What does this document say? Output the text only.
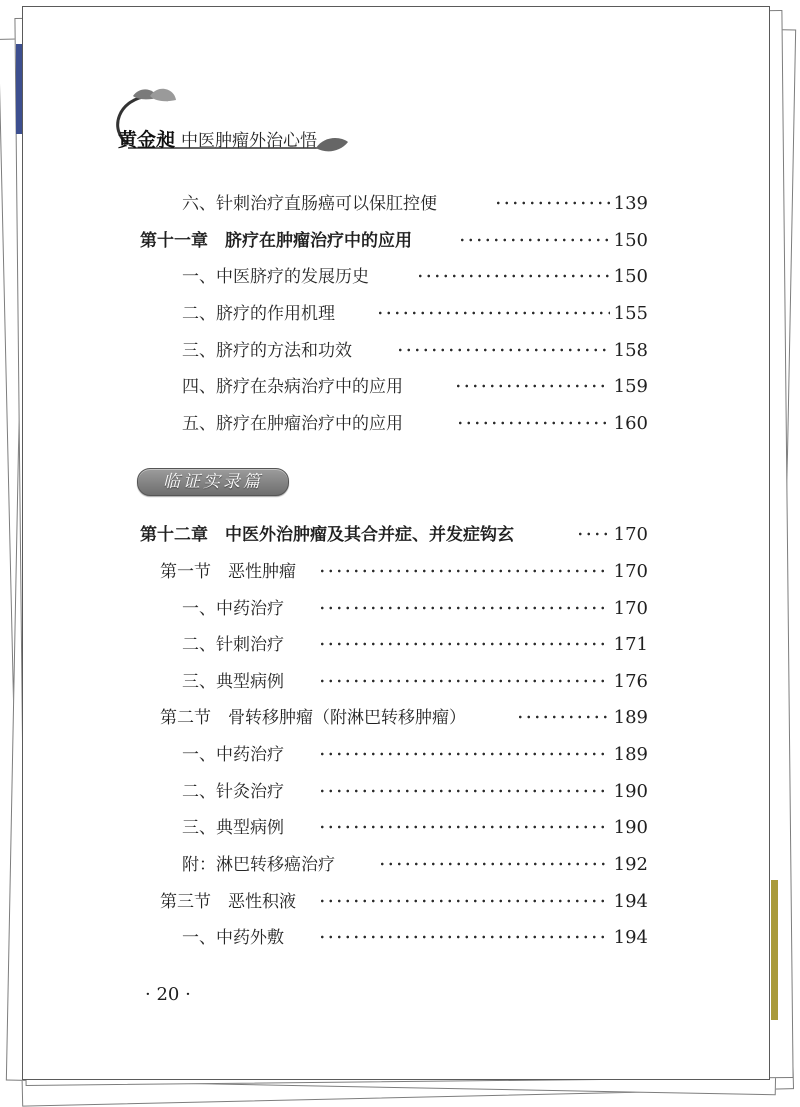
黄金昶 中医肿瘤外治心悟
六、针刺治疗直肠癌可以保肛控便	139
第十一章　脐疗在肿瘤治疗中的应用	150
一、中医脐疗的发展历史	150
二、脐疗的作用机理	155
三、脐疗的方法和功效	158
四、脐疗在杂病治疗中的应用	159
五、脐疗在肿瘤治疗中的应用	160
临证实录篇
第十二章　中医外治肿瘤及其合并症、并发症钩玄	170
第一节　恶性肿瘤	170
一、中药治疗	170
二、针刺治疗	171
三、典型病例	176
第二节　骨转移肿瘤（附淋巴转移肿瘤）	189
一、中药治疗	189
二、针灸治疗	190
三、典型病例	190
附：淋巴转移癌治疗	192
第三节　恶性积液	194
一、中药外敷	194
· 20 ·
